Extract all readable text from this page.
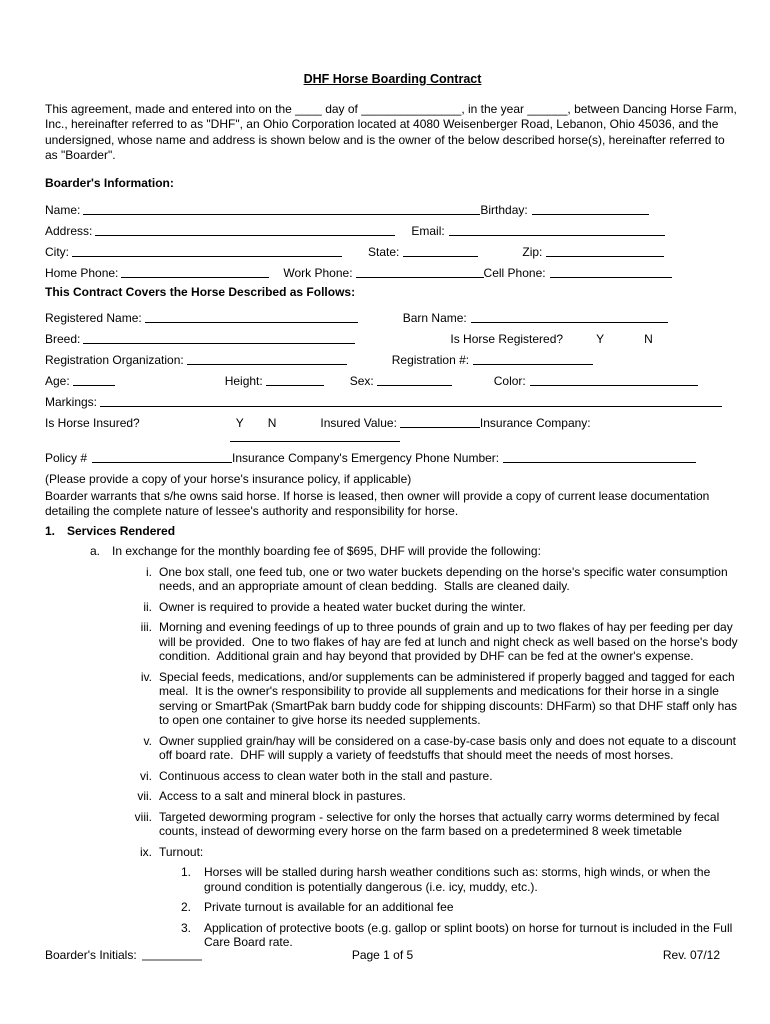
DHF Horse Boarding Contract

This agreement, made and entered into on the ____ day of _______________, in the year ______, between Dancing Horse Farm, Inc., hereinafter referred to as "DHF", an Ohio Corporation located at 4080 Weisenberger Road, Lebanon, Ohio 45036, and the undersigned, whose name and address is shown below and is the owner of the below described horse(s), hereinafter referred to as "Boarder".

Boarder's Information:
Name:	Birthday:
Address:	Email:
City:	State:	Zip:
Home Phone:	Work Phone:	Cell Phone:
This Contract Covers the Horse Described as Follows:
Registered Name:	Barn Name:
Breed:	Is Horse Registered?	Y	N
Registration Organization:	Registration #:
Age:	Height:	Sex:	Color:
Markings:
Is Horse Insured?	Y N	Insured Value:	Insurance Company:
Policy #	Insurance Company's Emergency Phone Number:
(Please provide a copy of your horse's insurance policy, if applicable)

Boarder warrants that s/he owns said horse. If horse is leased, then owner will provide a copy of current lease documentation detailing the complete nature of lessee's authority and responsibility for horse.

1. Services Rendered
a. In exchange for the monthly boarding fee of $695, DHF will provide the following:
i. One box stall, one feed tub, one or two water buckets depending on the horse's specific water consumption needs, and an appropriate amount of clean bedding.  Stalls are cleaned daily.
ii. Owner is required to provide a heated water bucket during the winter.
iii. Morning and evening feedings of up to three pounds of grain and up to two flakes of hay per feeding per day will be provided.  One to two flakes of hay are fed at lunch and night check as well based on the horse's body condition.  Additional grain and hay beyond that provided by DHF can be fed at the owner's expense.
iv. Special feeds, medications, and/or supplements can be administered if properly bagged and tagged for each meal.  It is the owner's responsibility to provide all supplements and medications for their horse in a single serving or SmartPak (SmartPak barn buddy code for shipping discounts: DHFarm) so that DHF staff only has to open one container to give horse its needed supplements.
v. Owner supplied grain/hay will be considered on a case-by-case basis only and does not equate to a discount off board rate.  DHF will supply a variety of feedstuffs that should meet the needs of most horses.
vi. Continuous access to clean water both in the stall and pasture.
vii. Access to a salt and mineral block in pastures.
viii. Targeted deworming program - selective for only the horses that actually carry worms determined by fecal counts, instead of deworming every horse on the farm based on a predetermined 8 week timetable
ix. Turnout:
1. Horses will be stalled during harsh weather conditions such as: storms, high winds, or when the ground condition is potentially dangerous (i.e. icy, muddy, etc.).
2. Private turnout is available for an additional fee
3. Application of protective boots (e.g. gallop or splint boots) on horse for turnout is included in the Full Care Board rate.
Boarder's Initials:	Page 1 of 5	Rev. 07/12
